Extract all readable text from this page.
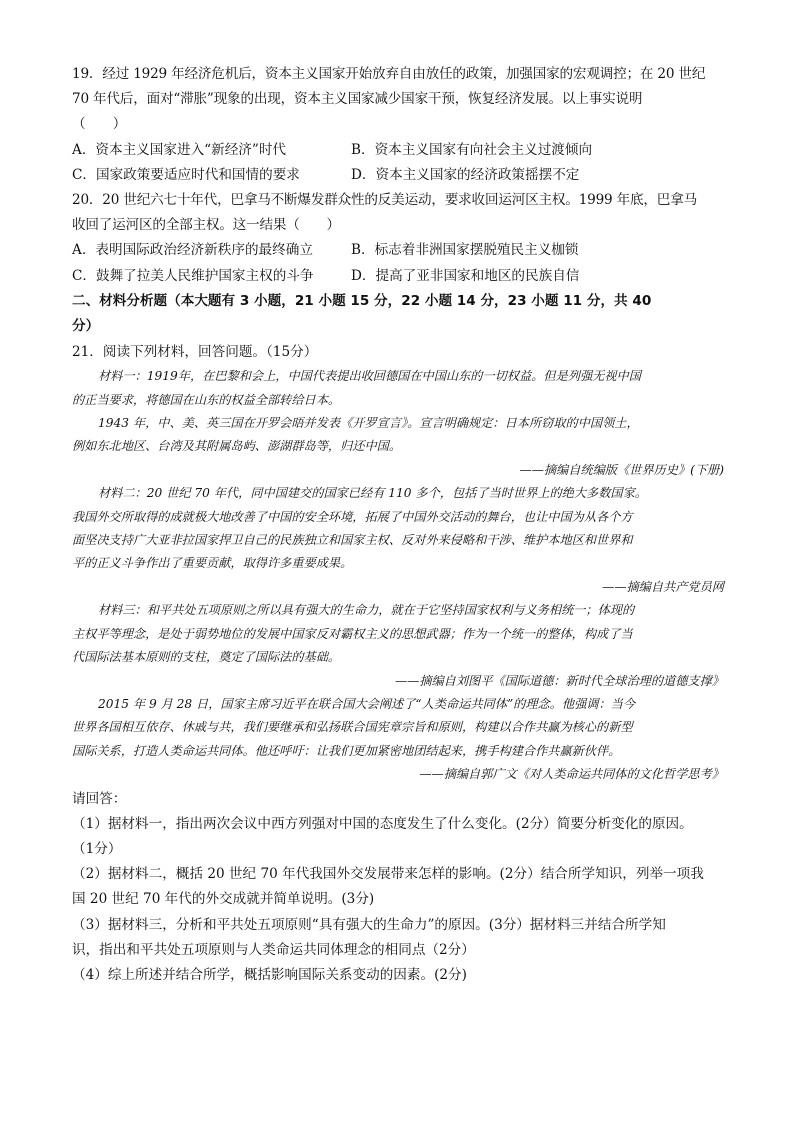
19．经过 1929 年经济危机后，资本主义国家开始放弃自由放任的政策，加强国家的宏观调控；在 20 世纪
70 年代后，面对“滞胀”现象的出现，资本主义国家减少国家干预，恢复经济发展。以上事实说明
（　　）
A．资本主义国家进入“新经济”时代	B．资本主义国家有向社会主义过渡倾向
C．国家政策要适应时代和国情的要求	D．资本主义国家的经济政策摇摆不定
20．20 世纪六七十年代，巴拿马不断爆发群众性的反美运动，要求收回运河区主权。1999 年底，巴拿马
收回了运河区的全部主权。这一结果（　　）
A．表明国际政治经济新秩序的最终确立	B．标志着非洲国家摆脱殖民主义枷锁
C．鼓舞了拉美人民维护国家主权的斗争	D．提高了亚非国家和地区的民族自信
二、材料分析题（本大题有 3 小题，21 小题 15 分，22 小题 14 分，23 小题 11 分，共 40
分）
21．阅读下列材料，回答问题。（15分）
材料一：1919年，在巴黎和会上，中国代表提出收回德国在中国山东的一切权益。但是列强无视中国
的正当要求，将德国在山东的权益全部转给日本。
1943 年，中、美、英三国在开罗会晤并发表《开罗宣言》。宣言明确规定：日本所窃取的中国领土，
例如东北地区、台湾及其附属岛屿、澎湖群岛等，归还中国。
——摘编自统编版《世界历史》(下册)
材料二：20 世纪 70 年代，同中国建交的国家已经有 110 多个，包括了当时世界上的绝大多数国家。
我国外交所取得的成就极大地改善了中国的安全环境，拓展了中国外交活动的舞台，也让中国为从各个方
面坚决支持广大亚非拉国家捍卫自己的民族独立和国家主权、反对外来侵略和干涉、维护本地区和世界和
平的正义斗争作出了重要贡献，取得许多重要成果。
——摘编自共产党员网
材料三：和平共处五项原则之所以具有强大的生命力，就在于它坚持国家权利与义务相统一；体现的
主权平等理念，是处于弱势地位的发展中国家反对霸权主义的思想武器；作为一个统一的整体，构成了当
代国际法基本原则的支柱，奠定了国际法的基础。
——摘编自刘图平《国际道德：新时代全球治理的道德支撑》
2015 年 9 月 28 日，国家主席习近平在联合国大会阐述了“人类命运共同体”的理念。他强调：当今
世界各国相互依存、休戚与共，我们要继承和弘扬联合国宪章宗旨和原则，构建以合作共赢为核心的新型
国际关系，打造人类命运共同体。他还呼吁：让我们更加紧密地团结起来，携手构建合作共赢新伙伴。
——摘编自郭广文《对人类命运共同体的文化哲学思考》
请回答：
（1）据材料一，指出两次会议中西方列强对中国的态度发生了什么变化。(2分）简要分析变化的原因。
（1分）
（2）据材料二，概括 20 世纪 70 年代我国外交发展带来怎样的影响。(2分）结合所学知识，列举一项我
国 20 世纪 70 年代的外交成就并简单说明。(3分)
（3）据材料三，分析和平共处五项原则“具有强大的生命力”的原因。(3分）据材料三并结合所学知
识，指出和平共处五项原则与人类命运共同体理念的相同点（2分）
（4）综上所述并结合所学，概括影响国际关系变动的因素。(2分)
